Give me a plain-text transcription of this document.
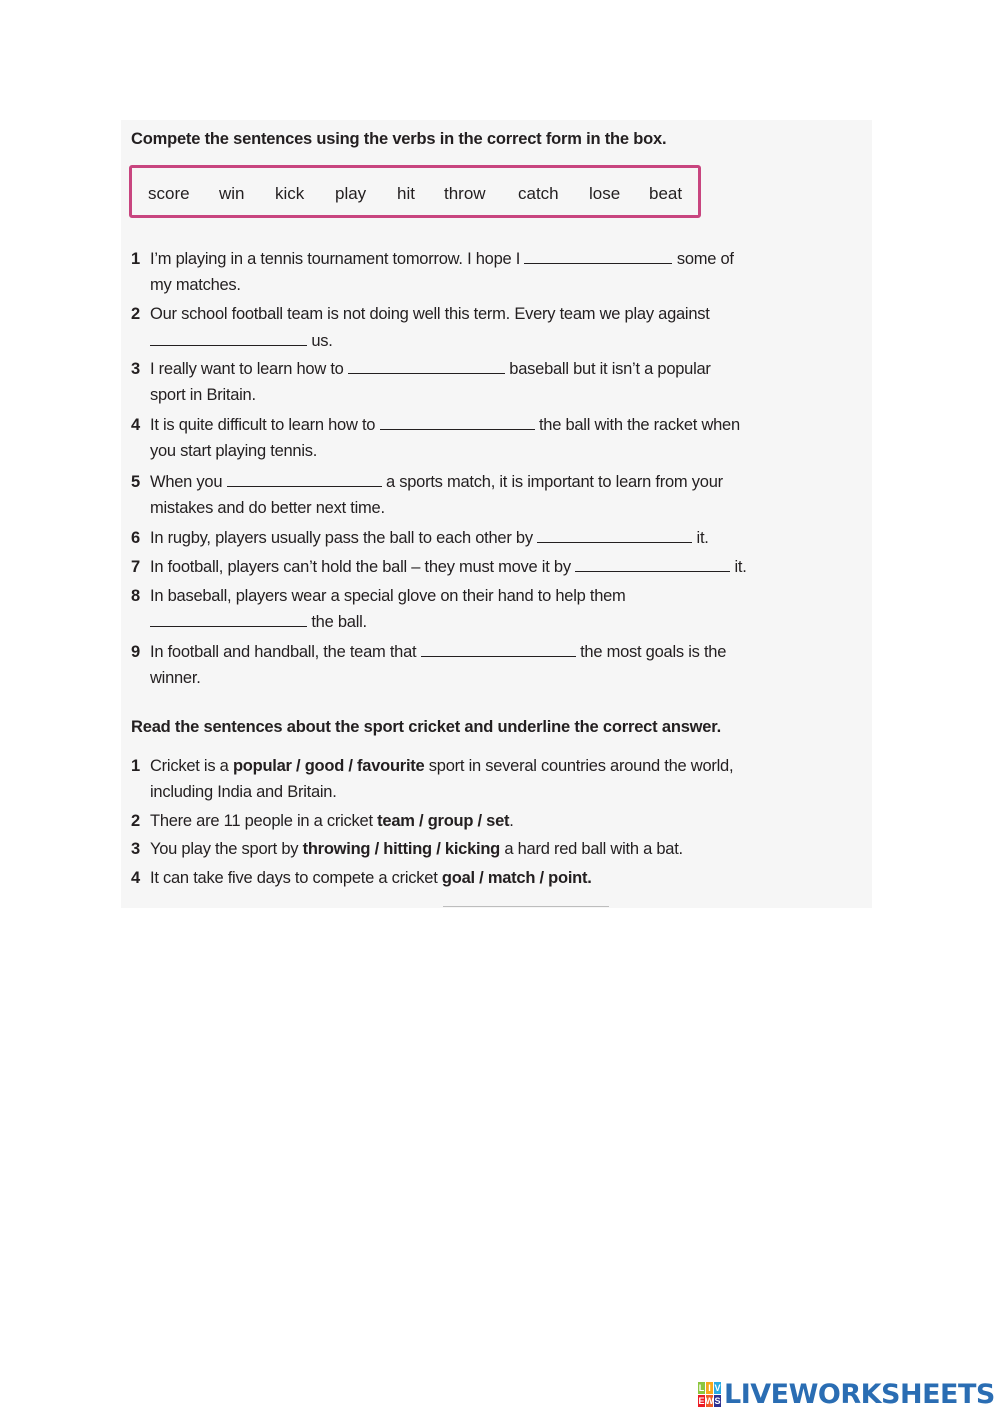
Compete the sentences using the verbs in the correct form in the box.
score win kick play hit throw catch lose beat
1 I’m playing in a tennis tournament tomorrow. I hope I	some of
my matches.
2 Our school football team is not doing well this term. Every team we play against
us.
3 I really want to learn how to	baseball but it isn’t a popular
sport in Britain.
4 It is quite difficult to learn how to	the ball with the racket when
you start playing tennis.
5 When you	a sports match, it is important to learn from your
mistakes and do better next time.
6 In rugby, players usually pass the ball to each other by	it.
7 In football, players can’t hold the ball – they must move it by	it.
8 In baseball, players wear a special glove on their hand to help them
the ball.
9 In football and handball, the team that	the most goals is the
winner.
Read the sentences about the sport cricket and underline the correct answer.
1 Cricket is a popular / good / favourite sport in several countries around the world,
including India and Britain.
2 There are 11 people in a cricket team / group / set.
3 You play the sport by throwing / hitting / kicking a hard red ball with a bat.
4 It can take five days to compete a cricket goal / match / point.
L I V
E W S LIVEWORKSHEETS
